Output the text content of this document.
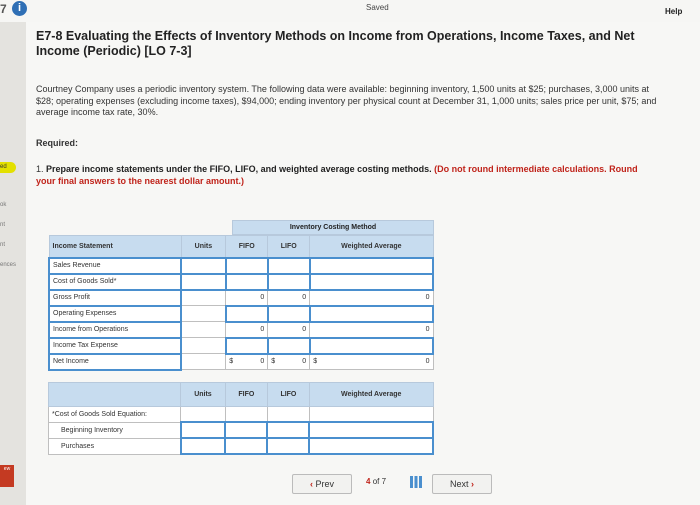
7	i	Saved	Help
ed
ok
nt
nt
ences
ew
E7-8 Evaluating the Effects of Inventory Methods on Income from Operations, Income Taxes, and Net Income (Periodic) [LO 7-3]
Courtney Company uses a periodic inventory system. The following data were available: beginning inventory, 1,500 units at $25; purchases, 3,000 units at $28; operating expenses (excluding income taxes), $94,000; ending inventory per physical count at December 31, 1,000 units; sales price per unit, $75; and average income tax rate, 30%.
Required:
1. Prepare income statements under the FIFO, LIFO, and weighted average costing methods. (Do not round intermediate calculations. Round your final answers to the nearest dollar amount.)
Inventory Costing Method
Income Statement	Units	FIFO	LIFO	Weighted Average
Sales Revenue				
Cost of Goods Sold*				
Gross Profit		0	0	0
Operating Expenses				
Income from Operations		0	0	0
Income Tax Expense				
Net Income		$ 0	$ 0	$ 0
	Units	FIFO	LIFO	Weighted Average
*Cost of Goods Sold Equation:				
Beginning Inventory				
Purchases				
‹ Prev	4 of 7	Next ›
